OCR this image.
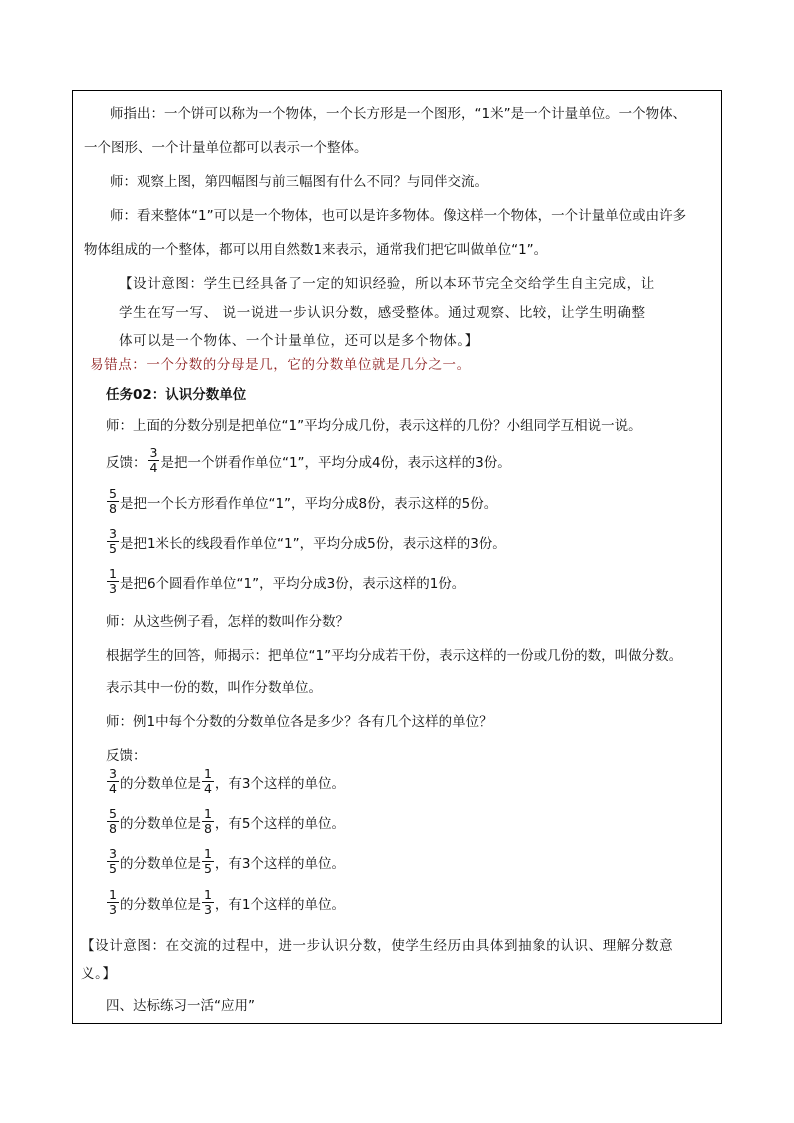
师指出：一个饼可以称为一个物体，一个长方形是一个图形，“1米”是一个计量单位。一个物体、
一个图形、一个计量单位都可以表示一个整体。
师：观察上图，第四幅图与前三幅图有什么不同？与同伴交流。
师：看来整体“1”可以是一个物体，也可以是许多物体。像这样一个物体，一个计量单位或由许多
物体组成的一个整体，都可以用自然数1来表示，通常我们把它叫做单位“1”。
【设计意图：学生已经具备了一定的知识经验，所以本环节完全交给学生自主完成，让
学生在写一写、 说一说进一步认识分数，感受整体。通过观察、比较，让学生明确整
体可以是一个物体、一个计量单位，还可以是多个物体。】
易错点：一个分数的分母是几，它的分数单位就是几分之一。
任务02：认识分数单位
师：上面的分数分别是把单位“1”平均分成几份，表示这样的几份？小组同学互相说一说。
反馈： $\frac{3}{4}$ 是把一个饼看作单位“1”，平均分成4份，表示这样的3份。
$\frac{5}{8}$ 是把一个长方形看作单位“1”，平均分成8份，表示这样的5份。
$\frac{3}{5}$ 是把1米长的线段看作单位“1”，平均分成5份，表示这样的3份。
$\frac{1}{3}$ 是把6个圆看作单位“1”，平均分成3份，表示这样的1份。
师：从这些例子看，怎样的数叫作分数？
根据学生的回答，师揭示：把单位“1”平均分成若干份，表示这样的一份或几份的数，叫做分数。
表示其中一份的数，叫作分数单位。
师：例1中每个分数的分数单位各是多少？各有几个这样的单位？
反馈：
$\frac{3}{4}$ 的分数单位是 $\frac{1}{4}$ ，有3个这样的单位。
$\frac{5}{8}$ 的分数单位是 $\frac{1}{8}$ ，有5个这样的单位。
$\frac{3}{5}$ 的分数单位是 $\frac{1}{5}$ ，有3个这样的单位。
$\frac{1}{3}$ 的分数单位是 $\frac{1}{3}$ ，有1个这样的单位。
【设计意图：在交流的过程中，进一步认识分数，使学生经历由具体到抽象的认识、理解分数意
义。】
四、达标练习一活“应用”
